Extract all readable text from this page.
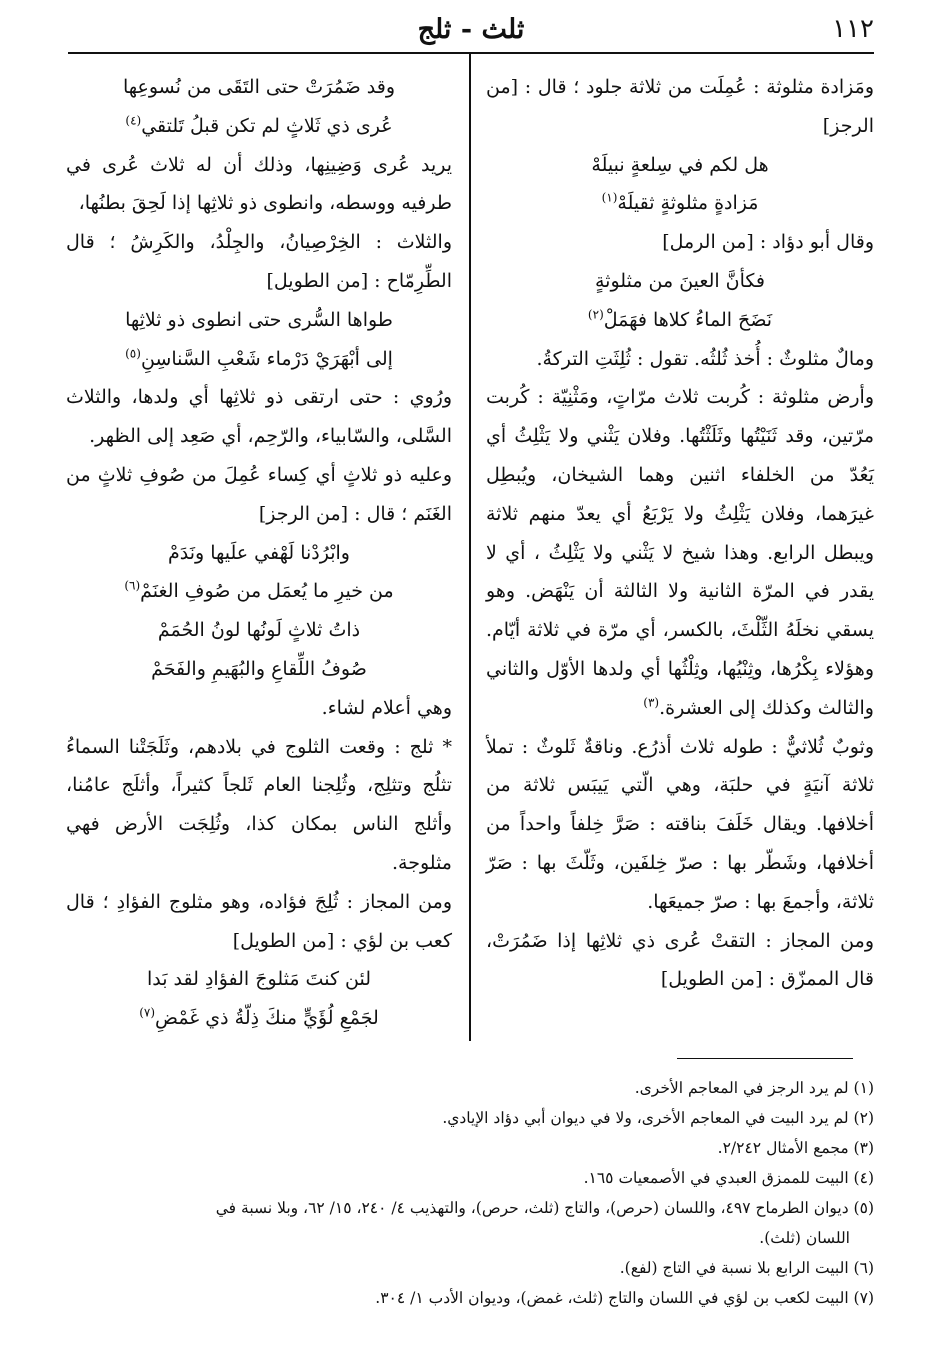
١١٢
ثلث - ثلج

ومَزادة مثلوثة : عُمِلَت من ثلاثة جلود ؛ قال : [من الرجز]

هل لكم في سِلعةٍ نبيلَهْ

مَزادةٍ مثلوثةٍ ثقيلَهْ$^{(١)}$

وقال أبو دؤاد : [من الرمل]

فكأنَّ العينَ من مثلوثةٍ

نَضَحَ الماءُ كلاها فهَمَلْ$^{(٢)}$

ومالٌ مثلوثٌ : أُخذ ثُلثُه. تقول : ثُلِثَتِ التركةُ.

وأرض مثلوثة : كُربت ثلاث مرّاتٍ، ومَثْنِيّة : كُربت مرّتين، وقد ثَنَيْتُها وثَلَثْتُها. وفلان يَثْني ولا يَثْلِثُ أي يَعُدّ من الخلفاء اثنين وهما الشيخان، ويُبطِل غيرَهما، وفلان يَثْلِثُ ولا يَرْبَعُ أي يعدّ منهم ثلاثة ويبطل الرابع. وهذا شيخ لا يَثْني ولا يَثْلِثُ ، أي لا يقدر في المرّة الثانية ولا الثالثة أن يَنْهَض. وهو يسقي نخلَهُ الثِّلْثَ، بالكسر، أي مرّة في ثلاثة أيّام. وهؤلاء بِكْرُها، وثِنْيُها، وثِلْثُها أي ولدها الأوّل والثاني والثالث وكذلك إلى العشرة.$^{(٣)}$

وثوبٌ ثُلاثيٌّ : طوله ثلاث أذرُع. وناقةٌ ثَلوثٌ : تملأ ثلاثة آنيَةٍ في حلبَة، وهي الّتي يَيبَس ثلاثة من أخلافها. ويقال خَلَفَ بناقته : صَرَّ خِلفاً واحداً من أخلافها، وشَطّر بها : صرّ خِلفَين، وثَلّثَ بها : صَرّ ثلاثة، وأجمعَ بها : صرّ جميعَها.

ومن المجاز : التقتْ عُرى ذي ثلاثِها إذا ضَمُرَتْ، قال الممزّق : [من الطويل]

وقد ضَمُرَتْ حتى التَقَى من نُسوعِها

عُرى ذي ثَلاثٍ لم تكن قبلُ تَلتقي$^{(٤)}$

يريد عُرى وَضِينِها، وذلك أن له ثلاث عُرى في طرفيه ووسطه، وانطوى ذو ثلاثِها إذا لَحِقَ بطنُها،

والثلاث : الخِرْصِيانُ، والجِلْدُ، والكَرِشُ ؛ قال الطِّرِمّاح : [من الطويل]

طواها السُّرى حتى انطوى ذو ثلاثِها

إلى أبْهَرَيْ دَرْماء شَعْبِ السَّناسِنِ$^{(٥)}$

ورُوي : حتى ارتقى ذو ثلاثِها أي ولدها، والثلاث السَّلى، والسّابياء، والرّحِم، أي صَعِد إلى الظهر.

وعليه ذو ثلاثٍ أي كِساء عُمِلَ من صُوفِ ثلاثٍ من الغَنَم ؛ قال : [من الرجز]

وابْرُدْنا لَهْفي علَيها ونَدَمْ

من خيرِ ما يُعمَل من صُوفِ الغنَمْ$^{(٦)}$

ذاتُ ثلاثٍ لَونُها لونُ الحُمَمْ

صُوفُ اللِّقاعِ والبُهَيمِ والفَحَمْ

وهي أعلام لشاء.

* ثلج : وقعت الثلوج في بلادهم، وثَلَجَتْنا السماءُ تثلُج وتثلِج، وثُلِجنا العام ثَلجاً كثيراً، وأثلَج عامُنا، وأثلج الناس بمكان كذا، وثُلِجَت الأرض فهي مثلوجة.

ومن المجاز : ثُلِجَ فؤاده، وهو مثلوج الفؤادِ ؛ قال كعب بن لؤي : [من الطويل]

لئن كنتَ مَثلوجَ الفؤادِ لقد بَدا

لجَمْعِ لُؤَيٍّ منكَ ذِلّةُ ذي غَمْضِ$^{(٧)}$

(١) لم يرد الرجز في المعاجم الأخرى.

(٢) لم يرد البيت في المعاجم الأخرى، ولا في ديوان أبي دؤاد الإيادي.

(٣) مجمع الأمثال ٢/٢٤٢.

(٤) البيت للممزق العبدي في الأصمعيات ١٦٥.

(٥) ديوان الطرماح ٤٩٧، واللسان (حرص)، والتاج (ثلث، حرص)، والتهذيب ٤/ ٢٤٠، ١٥/ ٦٢، وبلا نسبة في

اللسان (ثلث).

(٦) البيت الرابع بلا نسبة في التاج (لفع).

(٧) البيت لكعب بن لؤي في اللسان والتاج (ثلث، غمض)، وديوان الأدب ١/ ٣٠٤.
